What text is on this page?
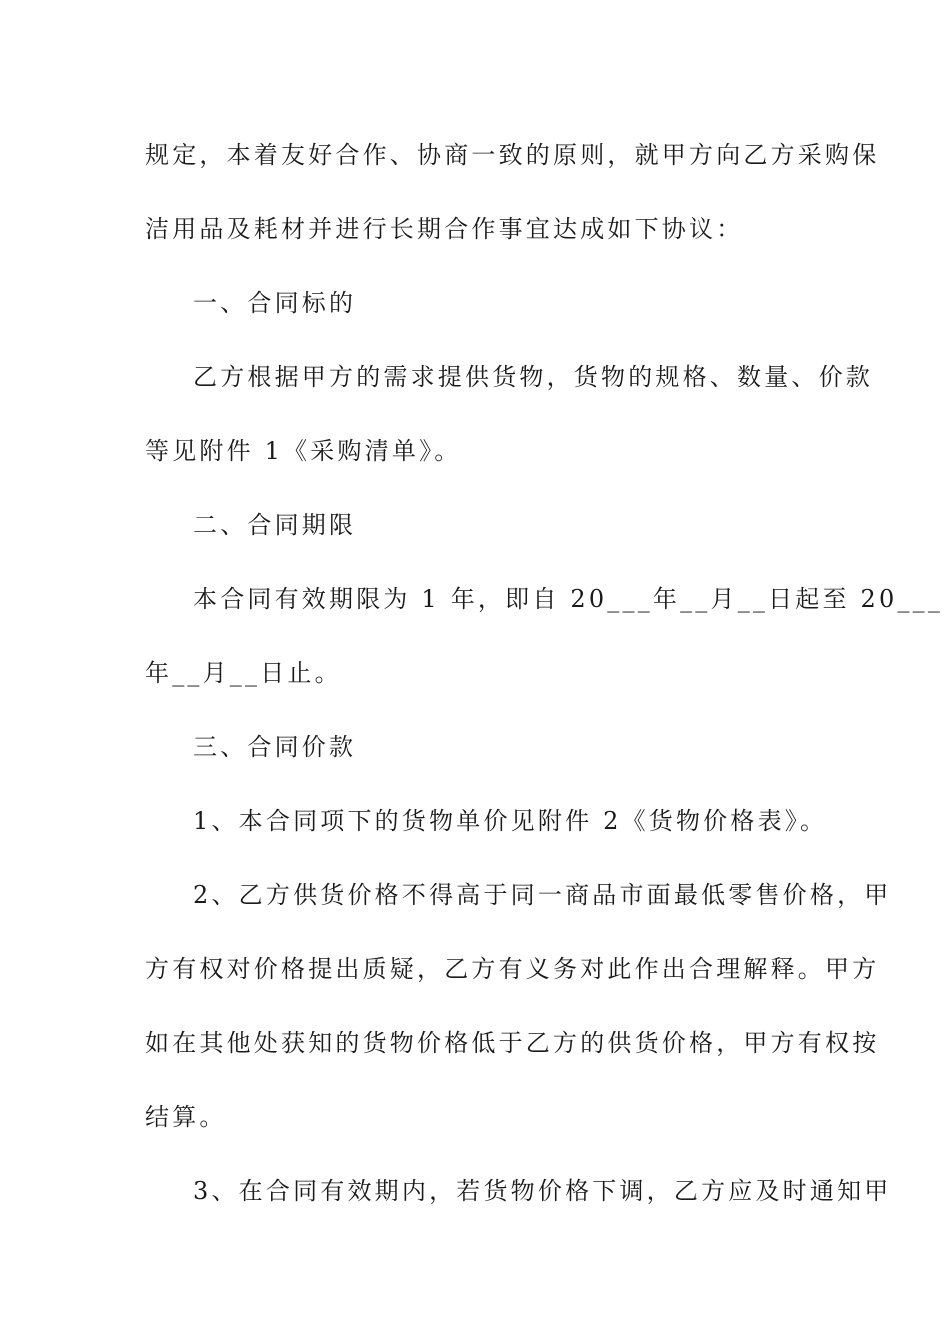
规定，本着友好合作、协商一致的原则，就甲方向乙方采购保
洁用品及耗材并进行长期合作事宜达成如下协议：
一、合同标的
乙方根据甲方的需求提供货物，货物的规格、数量、价款
等见附件 1《采购清单》。
二、合同期限
本合同有效期限为 1 年，即自 20___年__月__日起至 20___
年__月__日止。
三、合同价款
1、本合同项下的货物单价见附件 2《货物价格表》。
2、乙方供货价格不得高于同一商品市面最低零售价格，甲
方有权对价格提出质疑，乙方有义务对此作出合理解释。甲方
如在其他处获知的货物价格低于乙方的供货价格，甲方有权按
结算。
3、在合同有效期内，若货物价格下调，乙方应及时通知甲
